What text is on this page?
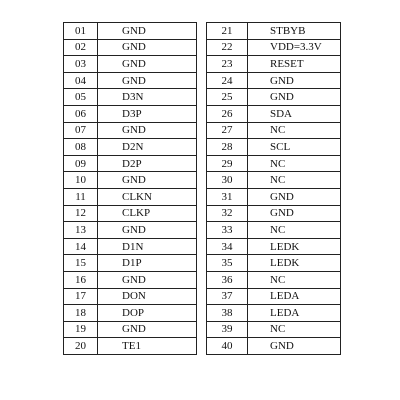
01	GND
02	GND
03	GND
04	GND
05	D3N
06	D3P
07	GND
08	D2N
09	D2P
10	GND
11	CLKN
12	CLKP
13	GND
14	D1N
15	D1P
16	GND
17	DON
18	DOP
19	GND
20	TE1
21	STBYB
22	VDD=3.3V
23	RESET
24	GND
25	GND
26	SDA
27	NC
28	SCL
29	NC
30	NC
31	GND
32	GND
33	NC
34	LEDK
35	LEDK
36	NC
37	LEDA
38	LEDA
39	NC
40	GND
